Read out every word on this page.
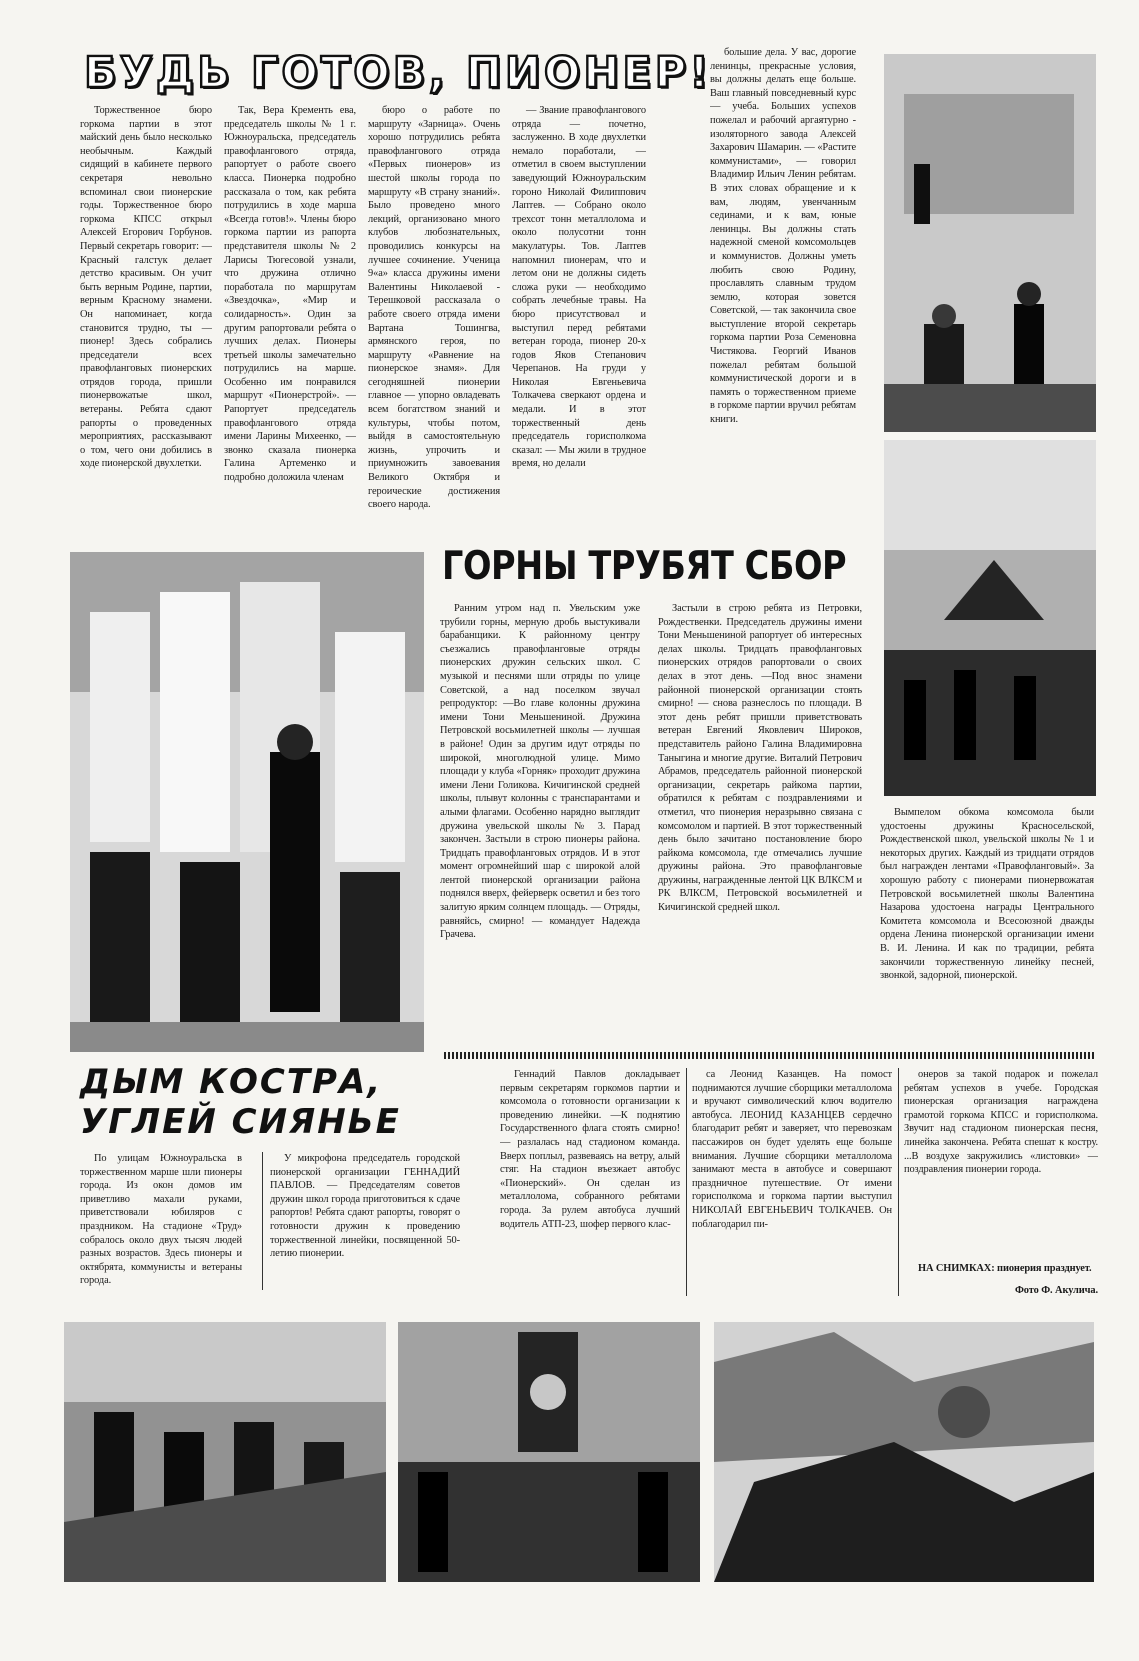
БУДЬ ГОТОВ, ПИОНЕР!

Торжественное бюро горкома партии в этот майский день было несколько необычным. Каждый сидящий в кабинете первого секретаря невольно вспоминал свои пионерские годы. Торжественное бюро горкома КПСС открыл Алексей Егорович Горбунов. Первый секретарь говорит: — Красный галстук делает детство красивым. Он учит быть верным Родине, партии, верным Красному знамени. Он напоминает, когда становится трудно, ты — пионер! Здесь собрались председатели всех правофланговых пионерских отрядов города, пришли пионервожатые школ, ветераны. Ребята сдают рапорты о проведенных мероприятиях, рассказывают о том, чего они добились в ходе пионерской двухлетки.

Так, Вера Кременть ева, председатель школы № 1 г. Южноуральска, председатель правофлангового отряда, рапортует о работе своего класса. Пионерка подробно рассказала о том, как ребята потрудились в ходе марша «Всегда готов!». Члены бюро горкома партии из рапорта представителя школы № 2 Ларисы Тюгесовой узнали, что дружина отлично поработала по маршрутам «Звездочка», «Мир и солидарность». Один за другим рапортовали ребята о лучших делах. Пионеры третьей школы замечательно потрудились на марше. Особенно им понравился маршрут «Пионерстрой». — Рапортует председатель правофлангового отряда имени Ларины Михеенко, — звонко сказала пионерка Галина Артеменко и подробно доложила членам

бюро о работе по маршруту «Зарница». Очень хорошо потрудились ребята правофлангового отряда «Первых пионеров» из шестой школы города по маршруту «В страну знаний». Было проведено много лекций, организовано много клубов любознательных, проводились конкурсы на лучшее сочинение. Ученица 9«а» класса дружины имени Валентины Николаевой - Терешковой рассказала о работе своего отряда имени Вартана Тошингва, армянского героя, по маршруту «Равнение на пионерское знамя». Для сегодняшней пионерии главное — упорно овладевать всем богатством знаний и культуры, чтобы потом, выйдя в самостоятельную жизнь, упрочить и приумножить завоевания Великого Октября и героические достижения своего народа.

— Звание правофлангового отряда — почетно, заслуженно. В ходе двухлетки немало поработали, — отметил в своем выступлении заведующий Южноуральским гороно Николай Филиппович Лаптев. — Собрано около трехсот тонн металлолома и около полусотни тонн макулатуры. Тов. Лаптев напомнил пионерам, что и летом они не должны сидеть сложа руки — необходимо собрать лечебные травы. На бюро присутствовал и выступил перед ребятами ветеран города, пионер 20-х годов Яков Степанович Черепанов. На груди у Николая Евгеньевича Толкачева сверкают ордена и медали. И в этот торжественный день председатель горисполкома сказал: — Мы жили в трудное время, но делали

большие дела. У вас, дорогие ленинцы, прекрасные условия, вы должны делать еще больше. Ваш главный повседневный курс — учеба. Больших успехов пожелал и рабочий аргаятурно - изоляторного завода Алексей Захарович Шамарин. — «Растите коммунистами», — говорил Владимир Ильич Ленин ребятам. В этих словах обращение и к вам, людям, увенчанным сединами, и к вам, юные ленинцы. Вы должны стать надежной сменой комсомольцев и коммунистов. Должны уметь любить свою Родину, прославлять славным трудом землю, которая зовется Советской, — так закончила свое выступление второй секретарь горкома партии Роза Семеновна Чистякова. Георгий Иванов пожелал ребятам большой коммунистической дороги и в память о торжественном приеме в горкоме партии вручил ребятам книги.

ГОРНЫ ТРУБЯТ СБОР

Ранним утром над п. Увельским уже трубили горны, мерную дробь выстукивали барабанщики. К районному центру съезжались правофланговые отряды пионерских дружин сельских школ. С музыкой и песнями шли отряды по улице Советской, а над поселком звучал репродуктор: —Во главе колонны дружина имени Тони Меньшениной. Дружина Петровской восьмилетней школы — лучшая в районе! Один за другим идут отряды по широкой, многолюдной улице. Мимо площади у клуба «Горняк» проходит дружина имени Лени Голикова. Кичигинской средней школы, плывут колонны с транспарантами и алыми флагами. Особенно нарядно выглядит дружина увельской школы № 3. Парад закончен. Застыли в строю пионеры района. Тридцать правофланговых отрядов. И в этот момент огромнейший шар с широкой алой лентой пионерской организации района поднялся вверх, фейерверк осветил и без того залитую ярким солнцем площадь. — Отряды, равняйсь, смирно! — командует Надежда Грачева.

Застыли в строю ребята из Петровки, Рождественки. Председатель дружины имени Тони Меньшениной рапортует об интересных делах школы. Тридцать правофланговых пионерских отрядов рапортовали о своих делах в этот день. —Под внос знамени районной пионерской организации стоять смирно! — снова разнеслось по площади. В этот день ребят пришли приветствовать ветеран Евгений Яковлевич Широков, представитель районо Галина Владимировна Таныгина и многие другие. Виталий Петрович Абрамов, председатель районной пионерской организации, секретарь райкома партии, обратился к ребятам с поздравлениями и отметил, что пионерия неразрывно связана с комсомолом и партией. В этот торжественный день было зачитано постановление бюро райкома комсомола, где отмечались лучшие дружины района. Это правофланговые дружины, награжденные лентой ЦК ВЛКСМ и РК ВЛКСМ, Петровской восьмилетней и Кичигинской средней школ.

Вымпелом обкома комсомола были удостоены дружины Красносельской, Рождественской школ, увельской школы № 1 и некоторых других. Каждый из тридцати отрядов был награжден лентами «Правофланговый». За хорошую работу с пионерами пионервожатая Петровской восьмилетней школы Валентина Назарова удостоена награды Центрального Комитета комсомола и Всесоюзной дважды ордена Ленина пионерской организации имени В. И. Ленина. И как по традиции, ребята закончили торжественную линейку песней, звонкой, задорной, пионерской.

ДЫМ КОСТРА, УГЛЕЙ СИЯНЬЕ

По улицам Южноуральска в торжественном марше шли пионеры города. Из окон домов им приветливо махали руками, приветствовали юбиляров с праздником. На стадионе «Труд» собралось около двух тысяч людей разных возрастов. Здесь пионеры и октябрята, коммунисты и ветераны города.

У микрофона председатель городской пионерской организации ГЕННАДИЙ ПАВЛОВ. — Председателям советов дружин школ города приготовиться к сдаче рапортов! Ребята сдают рапорты, говорят о готовности дружин к проведению торжественной линейки, посвященной 50-летию пионерии.

Геннадий Павлов докладывает первым секретарям горкомов партии и комсомола о готовности организации к проведению линейки. —К поднятию Государственного флага стоять смирно! — разлалась над стадионом команда. Вверх поплыл, развеваясь на ветру, алый стяг. На стадион въезжает автобус «Пионерский». Он сделан из металлолома, собранного ребятами города. За рулем автобуса лучший водитель АТП-23, шофер первого клас-

са Леонид Казанцев. На помост поднимаются лучшие сборщики металлолома и вручают символический ключ водителю автобуса. ЛЕОНИД КАЗАНЦЕВ сердечно благодарит ребят и заверяет, что перевозкам пассажиров он будет уделять еще больше внимания. Лучшие сборщики металлолома занимают места в автобусе и совершают праздничное путешествие. От имени горисполкома и горкома партии выступил НИКОЛАЙ ЕВГЕНЬЕВИЧ ТОЛКАЧЕВ. Он поблагодарил пи-

онеров за такой подарок и пожелал ребятам успехов в учебе. Городская пионерская организация награждена грамотой горкома КПСС и горисполкома. Звучит над стадионом пионерская песня, линейка закончена. Ребята спешат к костру. ...В воздухе закружились «листовки» — поздравления пионерии города.

НА СНИМКАХ: пионерия празднует.

Фото Ф. Акулича.
